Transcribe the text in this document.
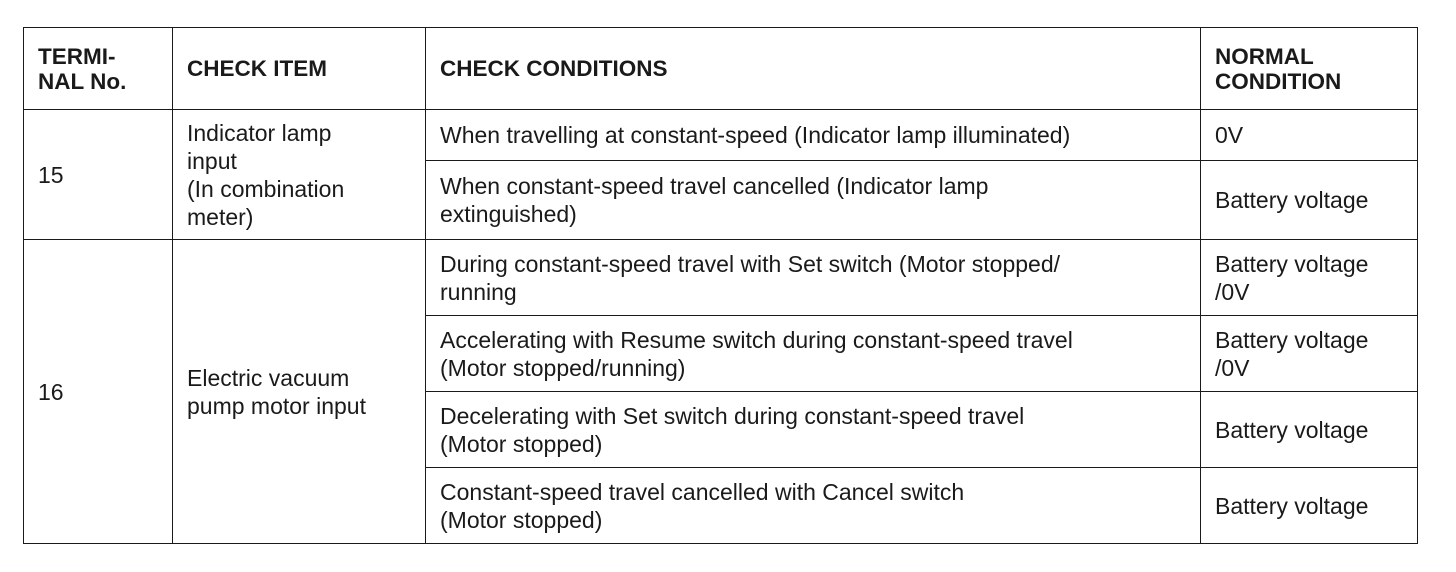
TERMI-
NAL No.	CHECK ITEM	CHECK CONDITIONS	NORMAL
CONDITION
15	Indicator lamp
input
(In combination
meter)	When travelling at constant-speed (Indicator lamp illuminated)	0V
		When constant-speed travel cancelled (Indicator lamp
extinguished)	Battery voltage
16	Electric vacuum
pump motor input	During constant-speed travel with Set switch (Motor stopped/
running	Battery voltage
/0V
		Accelerating with Resume switch during constant-speed travel
(Motor stopped/running)	Battery voltage
/0V
		Decelerating with Set switch during constant-speed travel
(Motor stopped)	Battery voltage
		Constant-speed travel cancelled with Cancel switch
(Motor stopped)	Battery voltage
